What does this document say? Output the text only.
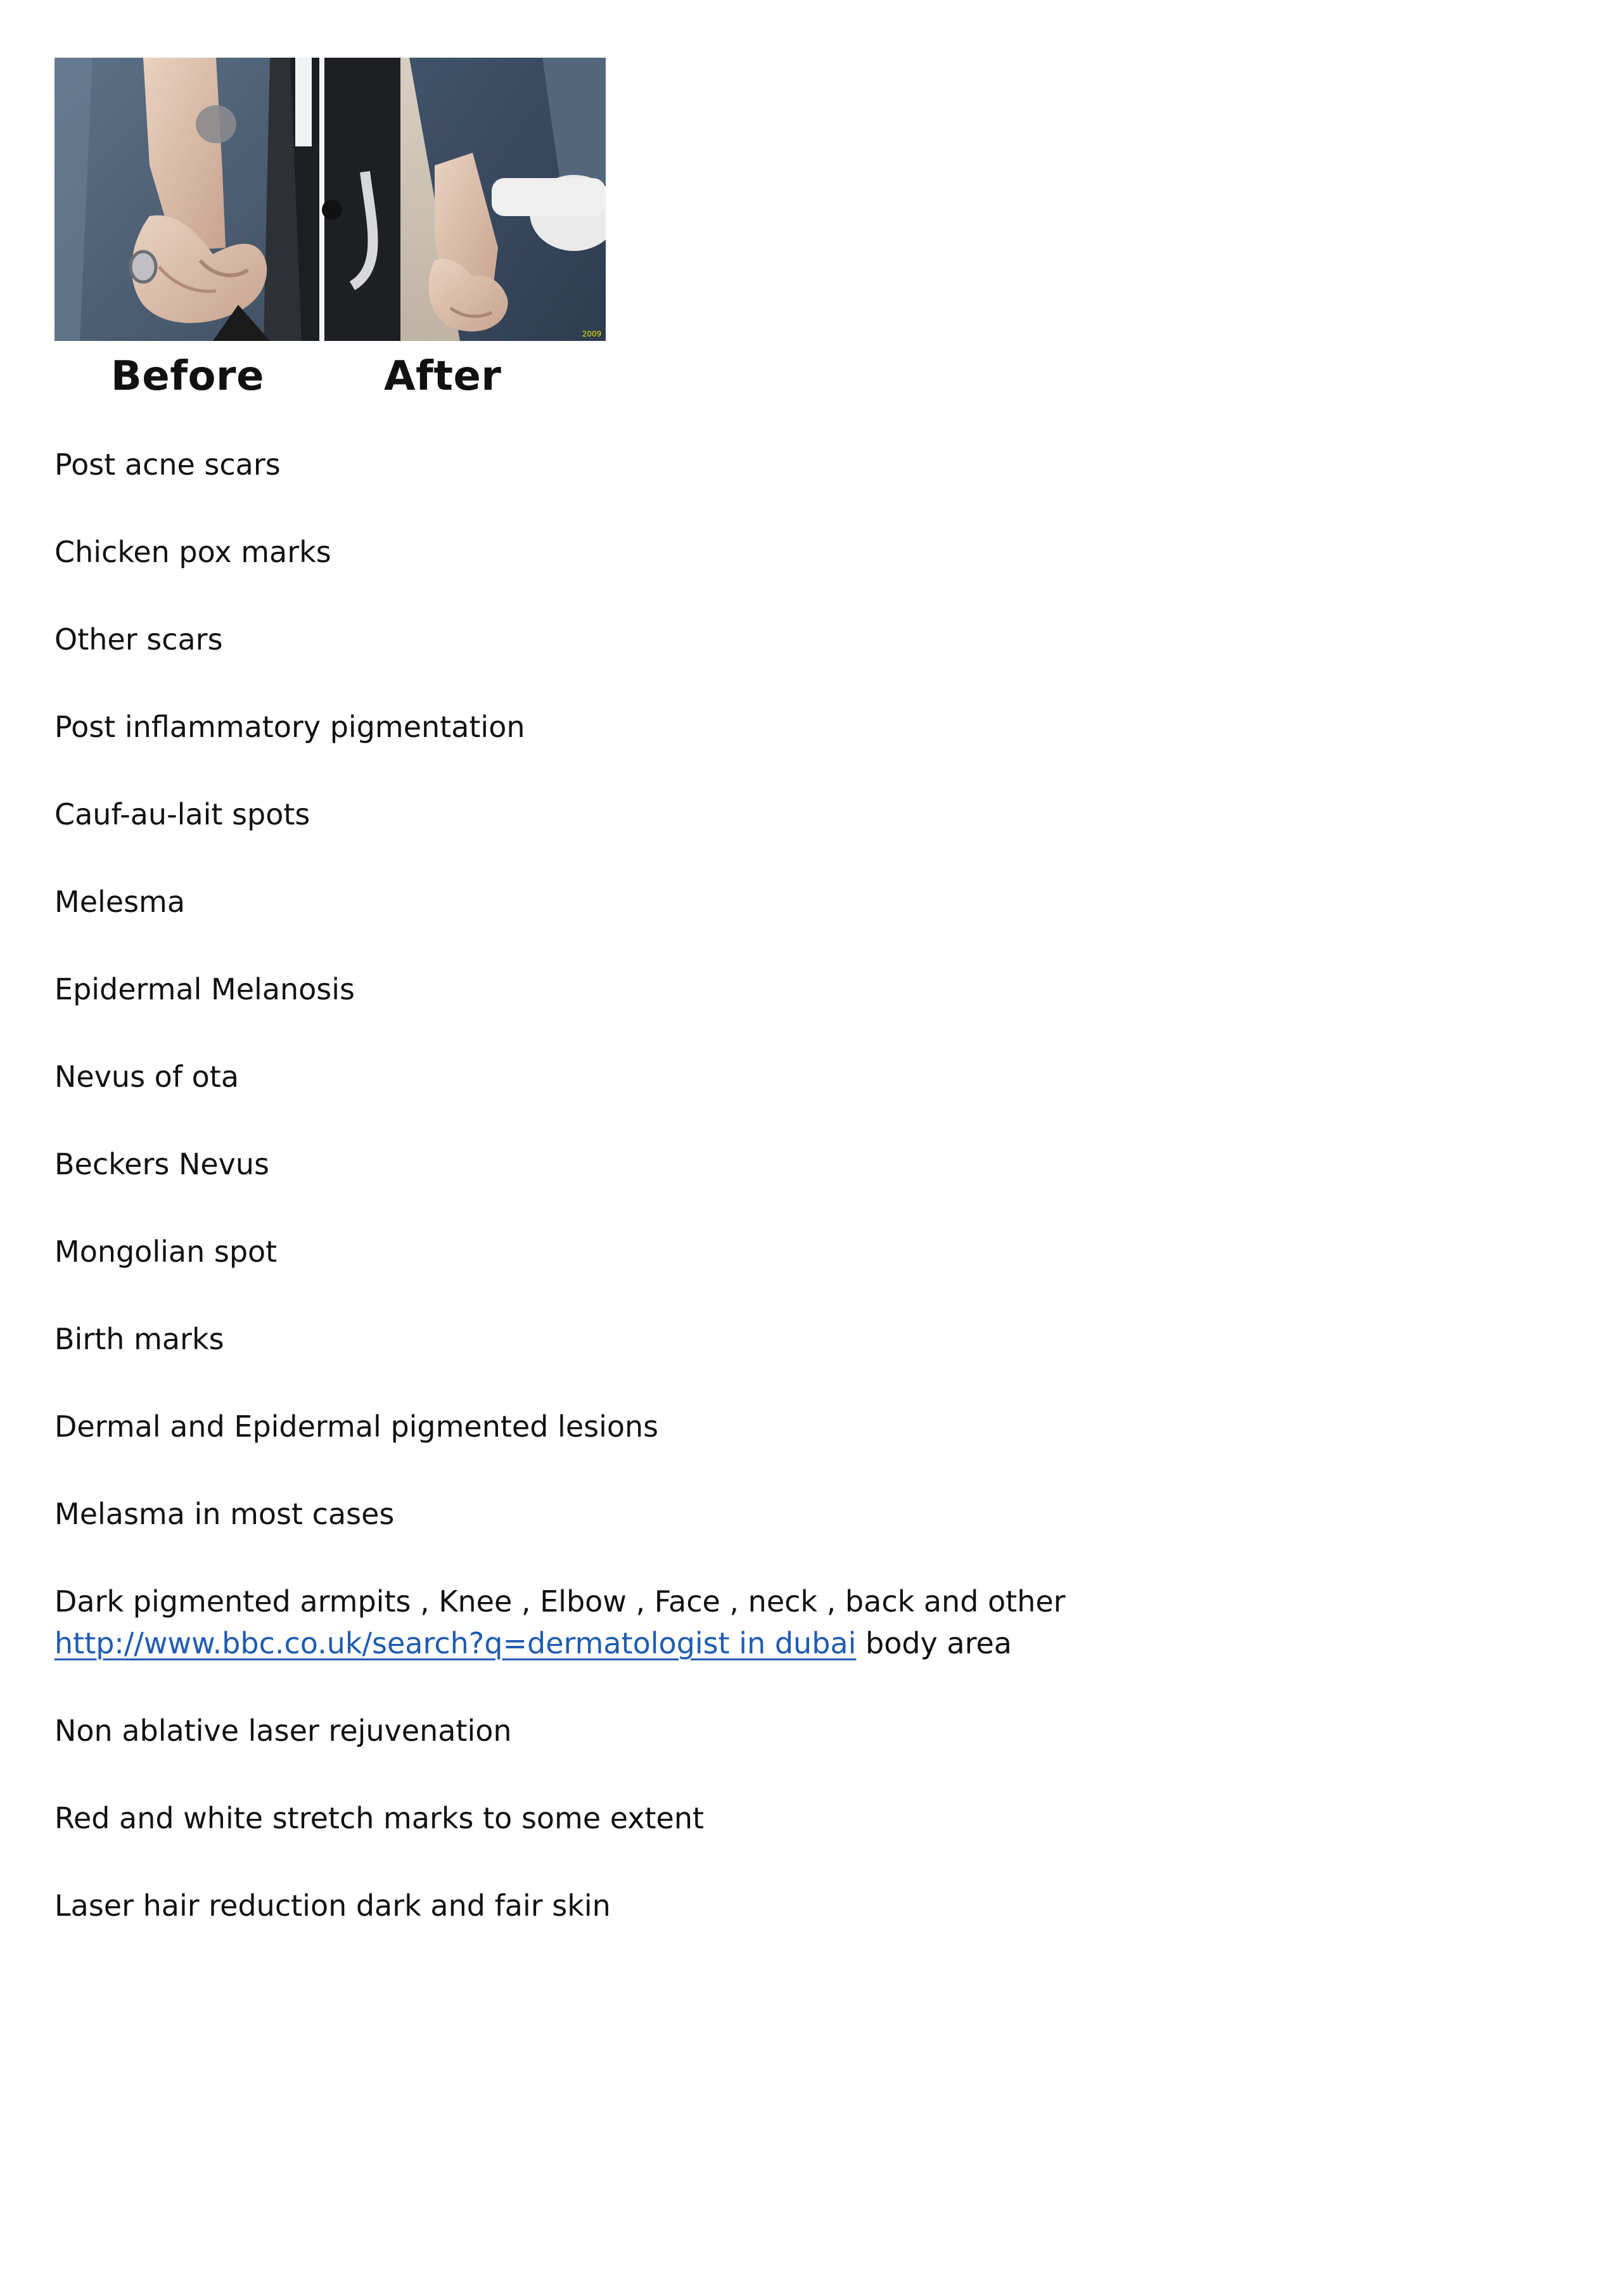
2009
Before	After
Post acne scars
Chicken pox marks
Other scars
Post inflammatory pigmentation
Cauf-au-lait spots
Melesma
Epidermal Melanosis
Nevus of ota
Beckers Nevus
Mongolian spot
Birth marks
Dermal and Epidermal pigmented lesions
Melasma in most cases
Dark pigmented armpits , Knee , Elbow , Face , neck , back and other
http://www.bbc.co.uk/search?q=dermatologist in dubai body area
Non ablative laser rejuvenation
Red and white stretch marks to some extent
Laser hair reduction dark and fair skin
